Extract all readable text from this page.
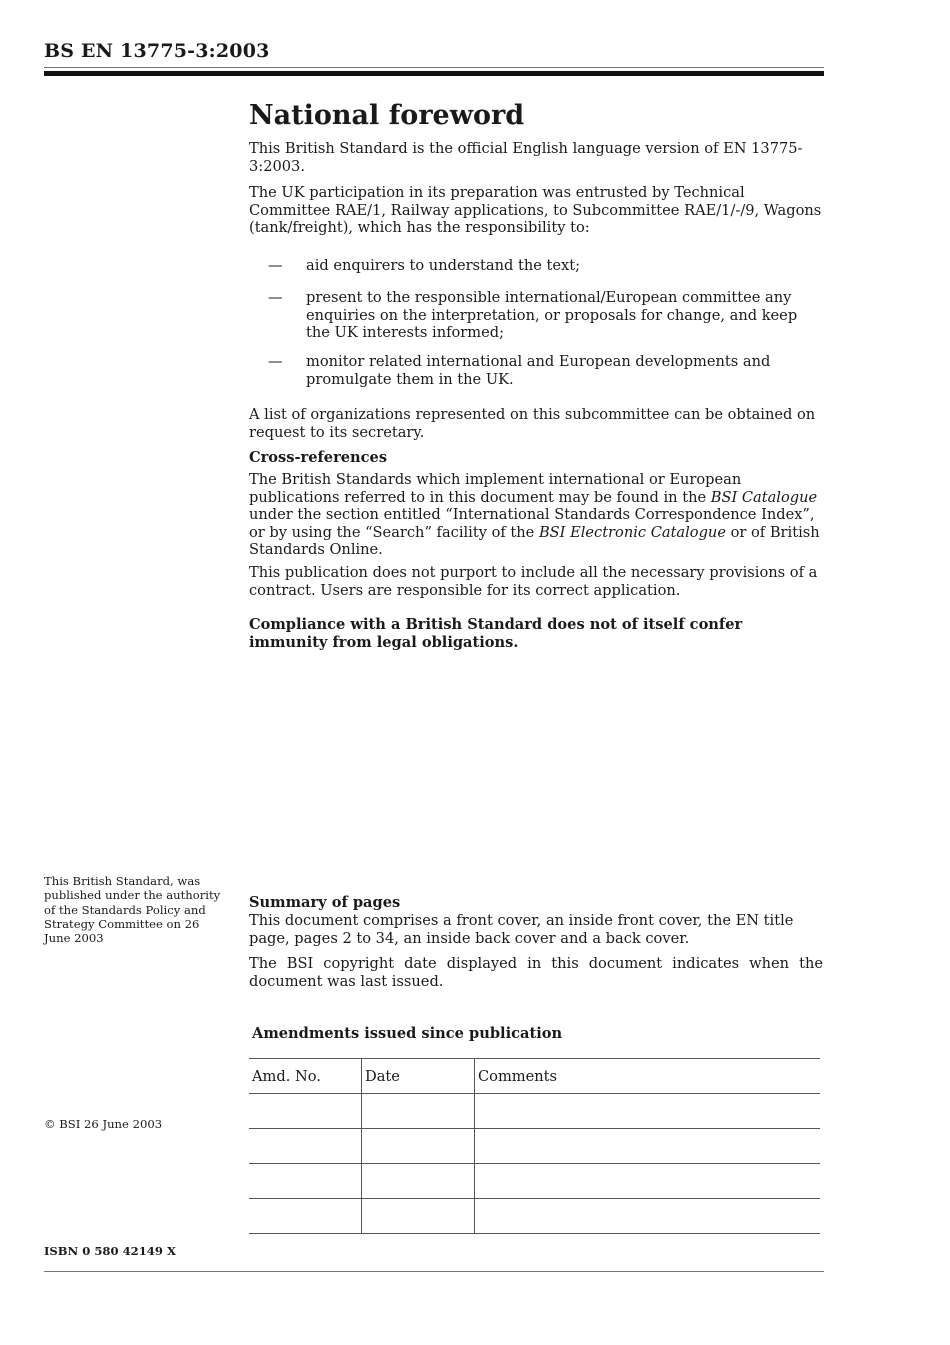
BS EN 13775-3:2003
National foreword
This British Standard is the official English language version of EN 13775-3:2003.
The UK participation in its preparation was entrusted by Technical Committee RAE/1, Railway applications, to Subcommittee RAE/1/-/9, Wagons (tank/freight), which has the responsibility to:
— aid enquirers to understand the text;
— present to the responsible international/European committee any enquiries on the interpretation, or proposals for change, and keep the UK interests informed;
— monitor related international and European developments and promulgate them in the UK.
A list of organizations represented on this subcommittee can be obtained on request to its secretary.
Cross-references
The British Standards which implement international or European publications referred to in this document may be found in the BSI Catalogue under the section entitled “International Standards Correspondence Index”, or by using the “Search” facility of the BSI Electronic Catalogue or of British Standards Online.
This publication does not purport to include all the necessary provisions of a contract. Users are responsible for its correct application.
Compliance with a British Standard does not of itself confer immunity from legal obligations.
This British Standard, was published under the authority of the Standards Policy and Strategy Committee on 26 June 2003
© BSI 26 June 2003
ISBN 0 580 42149 X
Summary of pages
This document comprises a front cover, an inside front cover, the EN title page, pages 2 to 34, an inside back cover and a back cover.
The BSI copyright date displayed in this document indicates when the document was last issued.
Amendments issued since publication
Amd. No.	Date	Comments
